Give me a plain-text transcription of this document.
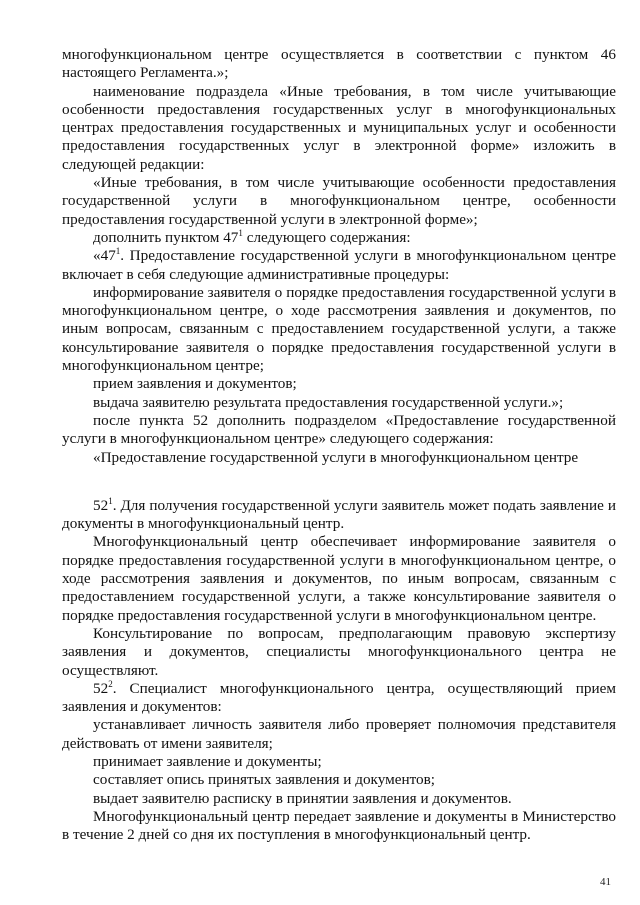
многофункциональном центре осуществляется в соответствии с пунктом 46 настоящего Регламента.»;

наименование подраздела «Иные требования, в том числе учитывающие особенности предоставления государственных услуг в многофункциональных центрах предоставления государственных и муниципальных услуг и особенности предоставления государственных услуг в электронной форме» изложить в следующей редакции:

«Иные требования, в том числе учитывающие особенности предоставления государственной услуги в многофункциональном центре, особенности предоставления государственной услуги в электронной форме»;

дополнить пунктом $47^1$ следующего содержания:

«$47^1$. Предоставление государственной услуги в многофункциональном центре включает в себя следующие административные процедуры:

информирование заявителя о порядке предоставления государственной услуги в многофункциональном центре, о ходе рассмотрения заявления и документов, по иным вопросам, связанным с предоставлением государственной услуги, а также консультирование заявителя о порядке предоставления государственной услуги в многофункциональном центре;

прием заявления и документов;

выдача заявителю результата предоставления государственной услуги.»;

после пункта 52 дополнить подразделом «Предоставление государственной услуги в многофункциональном центре» следующего содержания:

«Предоставление государственной услуги в многофункциональном центре

$52^1$. Для получения государственной услуги заявитель может подать заявление и документы в многофункциональный центр.

Многофункциональный центр обеспечивает информирование заявителя о порядке предоставления государственной услуги в многофункциональном центре, о ходе рассмотрения заявления и документов, по иным вопросам, связанным с предоставлением государственной услуги, а также консультирование заявителя о порядке предоставления государственной услуги в многофункциональном центре.

Консультирование по вопросам, предполагающим правовую экспертизу заявления и документов, специалисты многофункционального центра не осуществляют.

$52^2$. Специалист многофункционального центра, осуществляющий прием заявления и документов:

устанавливает личность заявителя либо проверяет полномочия представителя действовать от имени заявителя;

принимает заявление и документы;

составляет опись принятых заявления и документов;

выдает заявителю расписку в принятии заявления и документов.

Многофункциональный центр передает заявление и документы в Министерство в течение 2 дней со дня их поступления в многофункциональный центр.

41
